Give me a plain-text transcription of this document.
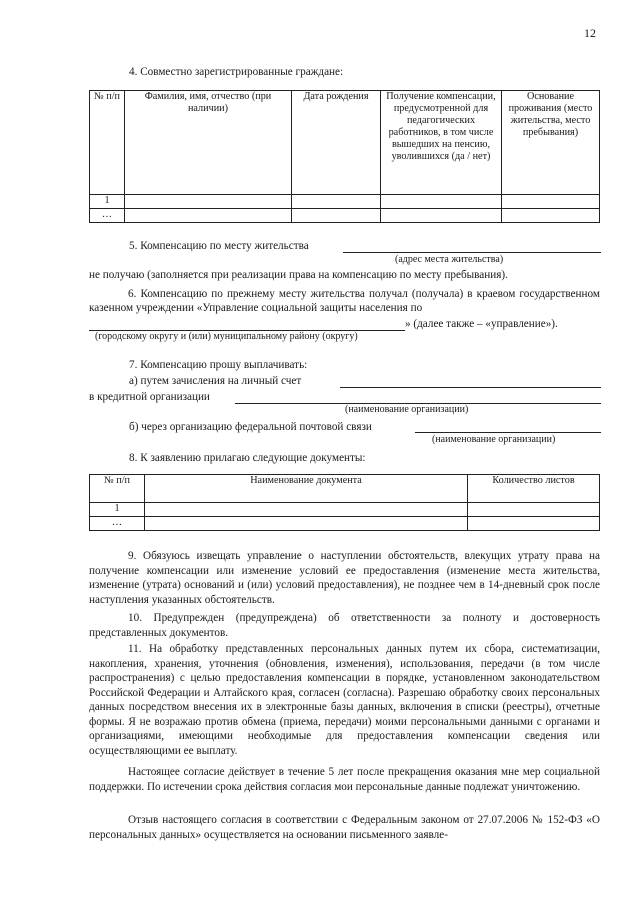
12
4. Совместно зарегистрированные граждане:
№ п/п	Фамилия, имя, отчество (при наличии)	Дата рождения	Получение компенсации, предусмотренной для педагогических работников, в том числе вышедших на пенсию, уволившихся (да / нет)	Основание проживания (место жительства, место пребывания)
1				
…				
5. Компенсацию по месту жительства
(адрес места жительства)
не получаю (заполняется при реализации права на компенсацию по месту пребывания).
6. Компенсацию по прежнему месту жительства получал (получала) в краевом государственном казенном учреждении «Управление социальной защиты населения по
» (далее также – «управление»).
(городскому округу и (или) муниципальному району (округу)
7. Компенсацию прошу выплачивать:
а) путем зачисления на личный счет
в кредитной организации
(наименование организации)
б) через организацию федеральной почтовой связи
(наименование организации)
8. К заявлению прилагаю следующие документы:
№ п/п	Наименование документа	Количество листов
1		
…		
9. Обязуюсь извещать управление о наступлении обстоятельств, влекущих утрату права на получение компенсации или изменение условий ее предоставления (изменение места жительства, изменение (утрата) оснований и (или) условий предоставления), не позднее чем в 14-дневный срок после наступления указанных обстоятельств.
10. Предупрежден (предупреждена) об ответственности за полноту и достоверность представленных документов.
11. На обработку представленных персональных данных путем их сбора, систематизации, накопления, хранения, уточнения (обновления, изменения), использования, передачи (в том числе распространения) с целью предоставления компенсации в порядке, установленном законодательством Российской Федерации и Алтайского края, согласен (согласна). Разрешаю обработку своих персональных данных посредством внесения их в электронные базы данных, включения в списки (реестры), отчетные формы. Я не возражаю против обмена (приема, передачи) моими персональными данными с органами и организациями, имеющими необходимые для предоставления компенсации сведения или осуществляющими ее выплату.
Настоящее согласие действует в течение 5 лет после прекращения оказания мне мер социальной поддержки. По истечении срока действия согласия мои персональные данные подлежат уничтожению.
Отзыв настоящего согласия в соответствии с Федеральным законом от 27.07.2006 № 152-ФЗ «О персональных данных» осуществляется на основании письменного заявле-
